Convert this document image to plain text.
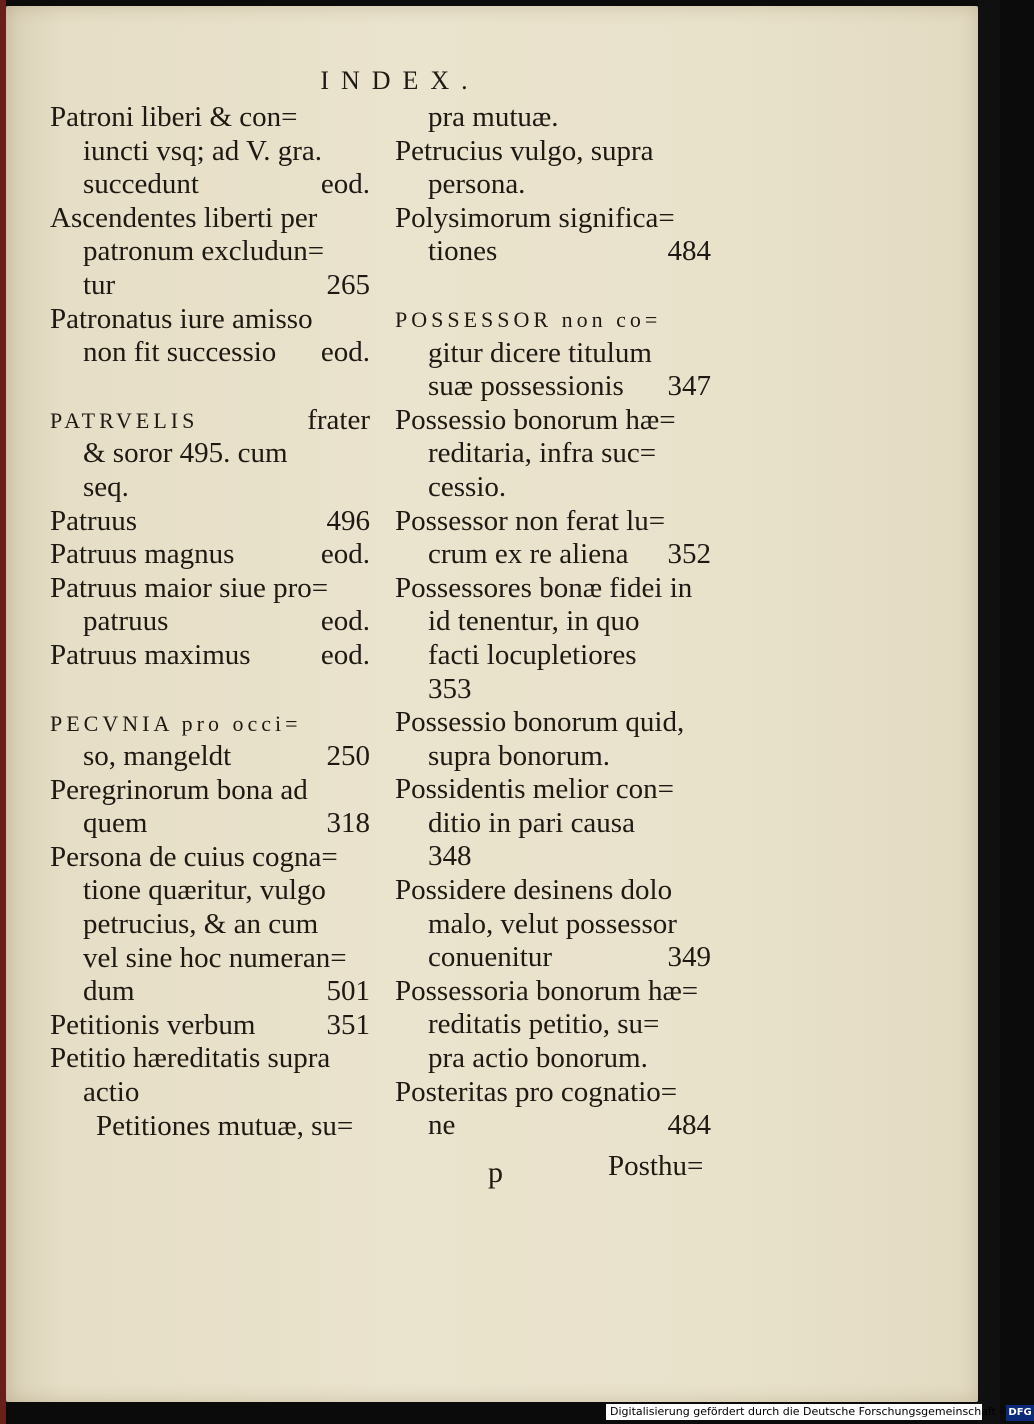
INDEX.
Patroni liberi & con=
iuncti vsq; ad V. gra.
succedunt	eod.
Ascendentes liberti per
patronum excludun=
tur	265
Patronatus iure amisso
non fit successio	eod.
PATRVELIS	frater
& soror 495. cum
seq.
Patruus	496
Patruus magnus	eod.
Patruus maior siue pro=
patruus	eod.
Patruus maximus	eod.
PECVNIA pro occi=
so, mangeldt	250
Peregrinorum bona ad
quem	318
Persona de cuius cogna=
tione quæritur, vulgo
petrucius, & an cum
vel sine hoc numeran=
dum	501
Petitionis verbum	351
Petitio hæreditatis supra
actio
Petitiones mutuæ, su=
pra mutuæ.
Petrucius vulgo, supra
persona.
Polysimorum significa=
tiones	484
POSSESSOR non co=
gitur dicere titulum
suæ possessionis	347
Possessio bonorum hæ=
reditaria, infra suc=
cessio.
Possessor non ferat lu=
crum ex re aliena	352
Possessores bonæ fidei in
id tenentur, in quo
facti locupletiores
353
Possessio bonorum quid,
supra bonorum.
Possidentis melior con=
ditio in pari causa
348
Possidere desinens dolo
malo, velut possessor
conuenitur	349
Possessoria bonorum hæ=
reditatis petitio, su=
pra actio bonorum.
Posteritas pro cognatio=
ne	484
p	Posthu=
Digitalisierung gefördert durch die Deutsche Forschungsgemeinschaft - DFG
